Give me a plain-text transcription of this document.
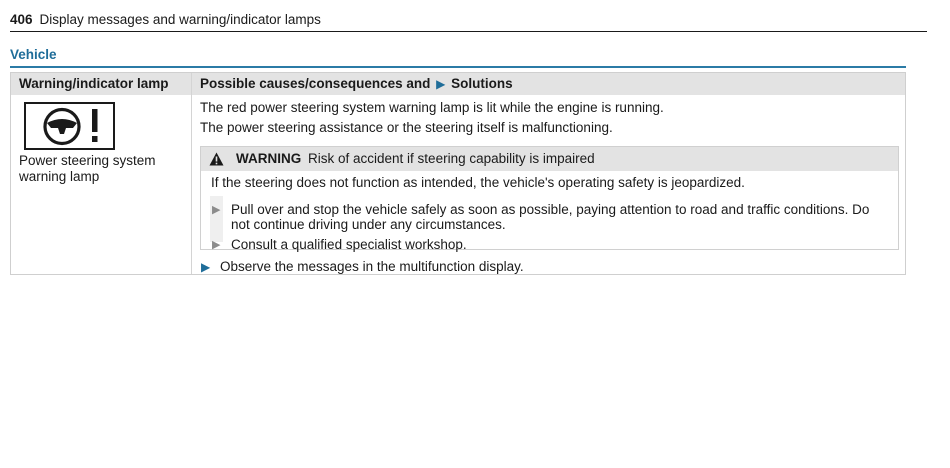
406 Display messages and warning/indicator lamps
Vehicle
Warning/indicator lamp Possible causes/consequences and ▶ Solutions
Power steering system warning lamp
The red power steering system warning lamp is lit while the engine is running.
The power steering assistance or the steering itself is malfunctioning.
WARNING Risk of accident if steering capability is impaired
If the steering does not function as intended, the vehicle's operating safety is jeopardized.
▶ Pull over and stop the vehicle safely as soon as possible, paying attention to road and traffic conditions. Do not continue driving under any circumstances.
▶ Consult a qualified specialist workshop.
▶ Observe the messages in the multifunction display.
